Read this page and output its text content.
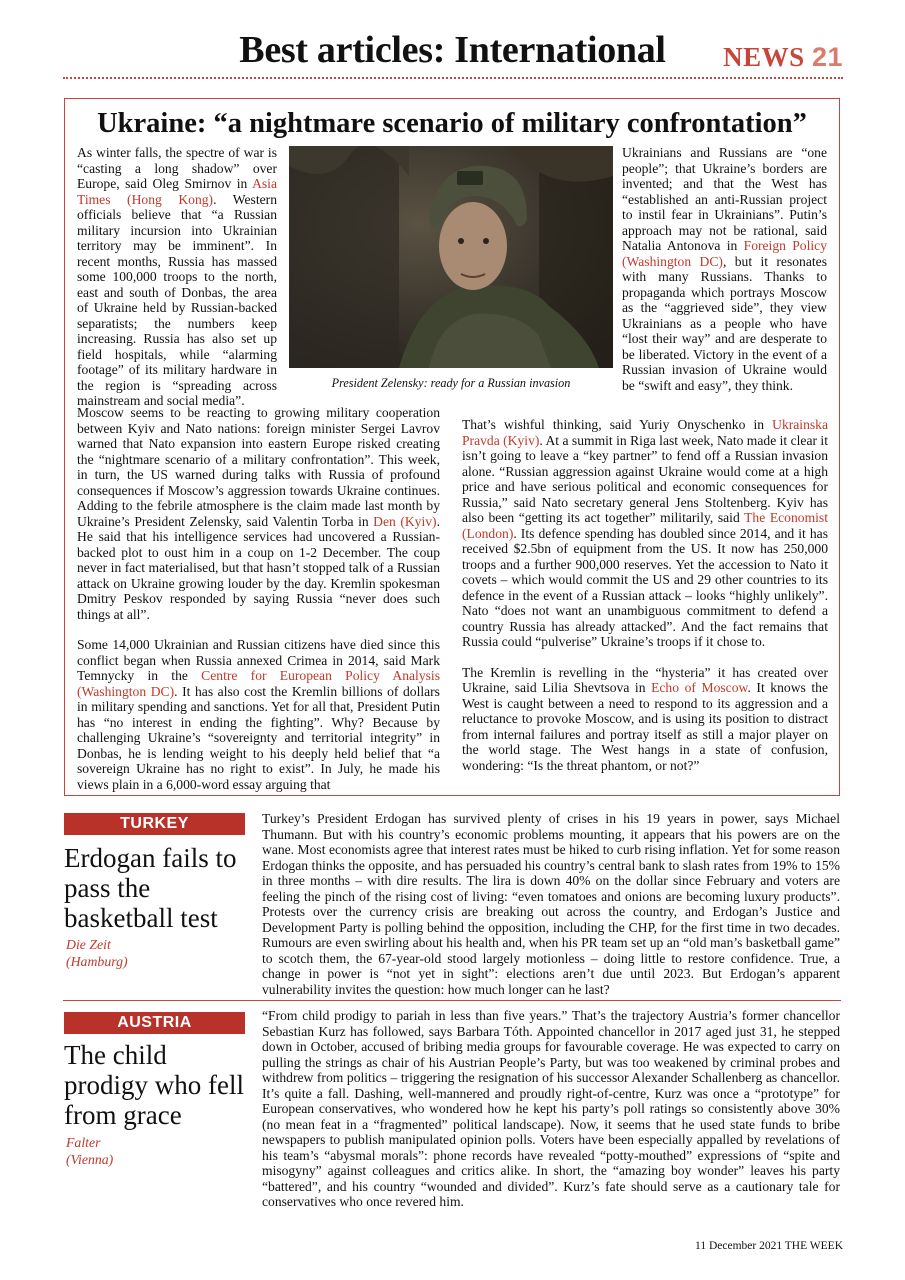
Best articles: International	NEWS 21
Ukraine: “a nightmare scenario of military confrontation”

As winter falls, the spectre of war is “casting a long shadow” over Europe, said Oleg Smirnov in Asia Times (Hong Kong). Western officials believe that “a Russian military incursion into Ukrainian territory may be imminent”. In recent months, Russia has massed some 100,000 troops to the north, east and south of Donbas, the area of Ukraine held by Russian-backed separatists; the numbers keep increasing. Russia has also set up field hospitals, while “alarming footage” of its military hardware in the region is “spreading across mainstream and social media”.

President Zelensky: ready for a Russian invasion

Ukrainians and Russians are “one people”; that Ukraine’s borders are invented; and that the West has “established an anti-Russian project to instil fear in Ukrainians”. Putin’s approach may not be rational, said Natalia Antonova in Foreign Policy (Washington DC), but it resonates with many Russians. Thanks to propaganda which portrays Moscow as the “aggrieved side”, they view Ukrainians as a people who have “lost their way” and are desperate to be liberated. Victory in the event of a Russian invasion of Ukraine would be “swift and easy”, they think.

Moscow seems to be reacting to growing military cooperation between Kyiv and Nato nations: foreign minister Sergei Lavrov warned that Nato expansion into eastern Europe risked creating the “nightmare scenario of a military confrontation”. This week, in turn, the US warned during talks with Russia of profound consequences if Moscow’s aggression towards Ukraine continues. Adding to the febrile atmosphere is the claim made last month by Ukraine’s President Zelensky, said Valentin Torba in Den (Kyiv). He said that his intelligence services had uncovered a Russian-backed plot to oust him in a coup on 1-2 December. The coup never in fact materialised, but that hasn’t stopped talk of a Russian attack on Ukraine growing louder by the day. Kremlin spokesman Dmitry Peskov responded by saying Russia “never does such things at all”.

Some 14,000 Ukrainian and Russian citizens have died since this conflict began when Russia annexed Crimea in 2014, said Mark Temnycky in the Centre for European Policy Analysis (Washington DC). It has also cost the Kremlin billions of dollars in military spending and sanctions. Yet for all that, President Putin has “no interest in ending the fighting”. Why? Because by challenging Ukraine’s “sovereignty and territorial integrity” in Donbas, he is lending weight to his deeply held belief that “a sovereign Ukraine has no right to exist”. In July, he made his views plain in a 6,000-word essay arguing that

That’s wishful thinking, said Yuriy Onyschenko in Ukrainska Pravda (Kyiv). At a summit in Riga last week, Nato made it clear it isn’t going to leave a “key partner” to fend off a Russian invasion alone. “Russian aggression against Ukraine would come at a high price and have serious political and economic consequences for Russia,” said Nato secretary general Jens Stoltenberg. Kyiv has also been “getting its act together” militarily, said The Economist (London). Its defence spending has doubled since 2014, and it has received $2.5bn of equipment from the US. It now has 250,000 troops and a further 900,000 reserves. Yet the accession to Nato it covets – which would commit the US and 29 other countries to its defence in the event of a Russian attack – looks “highly unlikely”. Nato “does not want an unambiguous commitment to defend a country Russia has already attacked”. And the fact remains that Russia could “pulverise” Ukraine’s troops if it chose to.

The Kremlin is revelling in the “hysteria” it has created over Ukraine, said Lilia Shevtsova in Echo of Moscow. It knows the West is caught between a need to respond to its aggression and a reluctance to provoke Moscow, and is using its position to distract from internal failures and portray itself as still a major player on the world stage. The West hangs in a state of confusion, wondering: “Is the threat phantom, or not?”

TURKEY
Erdogan fails to pass the basketball test
Die Zeit
(Hamburg)

Turkey’s President Erdogan has survived plenty of crises in his 19 years in power, says Michael Thumann. But with his country’s economic problems mounting, it appears that his powers are on the wane. Most economists agree that interest rates must be hiked to curb rising inflation. Yet for some reason Erdogan thinks the opposite, and has persuaded his country’s central bank to slash rates from 19% to 15% in three months – with dire results. The lira is down 40% on the dollar since February and voters are feeling the pinch of the rising cost of living: “even tomatoes and onions are becoming luxury products”. Protests over the currency crisis are breaking out across the country, and Erdogan’s Justice and Development Party is polling behind the opposition, including the CHP, for the first time in two decades. Rumours are even swirling about his health and, when his PR team set up an “old man’s basketball game” to scotch them, the 67-year-old stood largely motionless – doing little to restore confidence. True, a change in power is “not yet in sight”: elections aren’t due until 2023. But Erdogan’s apparent vulnerability invites the question: how much longer can he last?

AUSTRIA
The child prodigy who fell from grace
Falter
(Vienna)

“From child prodigy to pariah in less than five years.” That’s the trajectory Austria’s former chancellor Sebastian Kurz has followed, says Barbara Tóth. Appointed chancellor in 2017 aged just 31, he stepped down in October, accused of bribing media groups for favourable coverage. He was expected to carry on pulling the strings as chair of his Austrian People’s Party, but was too weakened by criminal probes and withdrew from politics – triggering the resignation of his successor Alexander Schallenberg as chancellor. It’s quite a fall. Dashing, well-mannered and proudly right-of-centre, Kurz was once a “prototype” for European conservatives, who wondered how he kept his party’s poll ratings so consistently above 30% (no mean feat in a “fragmented” political landscape). Now, it seems that he used state funds to bribe newspapers to publish manipulated opinion polls. Voters have been especially appalled by revelations of his team’s “abysmal morals”: phone records have revealed “potty-mouthed” expressions of “spite and misogyny” against colleagues and critics alike. In short, the “amazing boy wonder” leaves his party “battered”, and his country “wounded and divided”. Kurz’s fate should serve as a cautionary tale for conservatives who once revered him.

11 December 2021 THE WEEK
